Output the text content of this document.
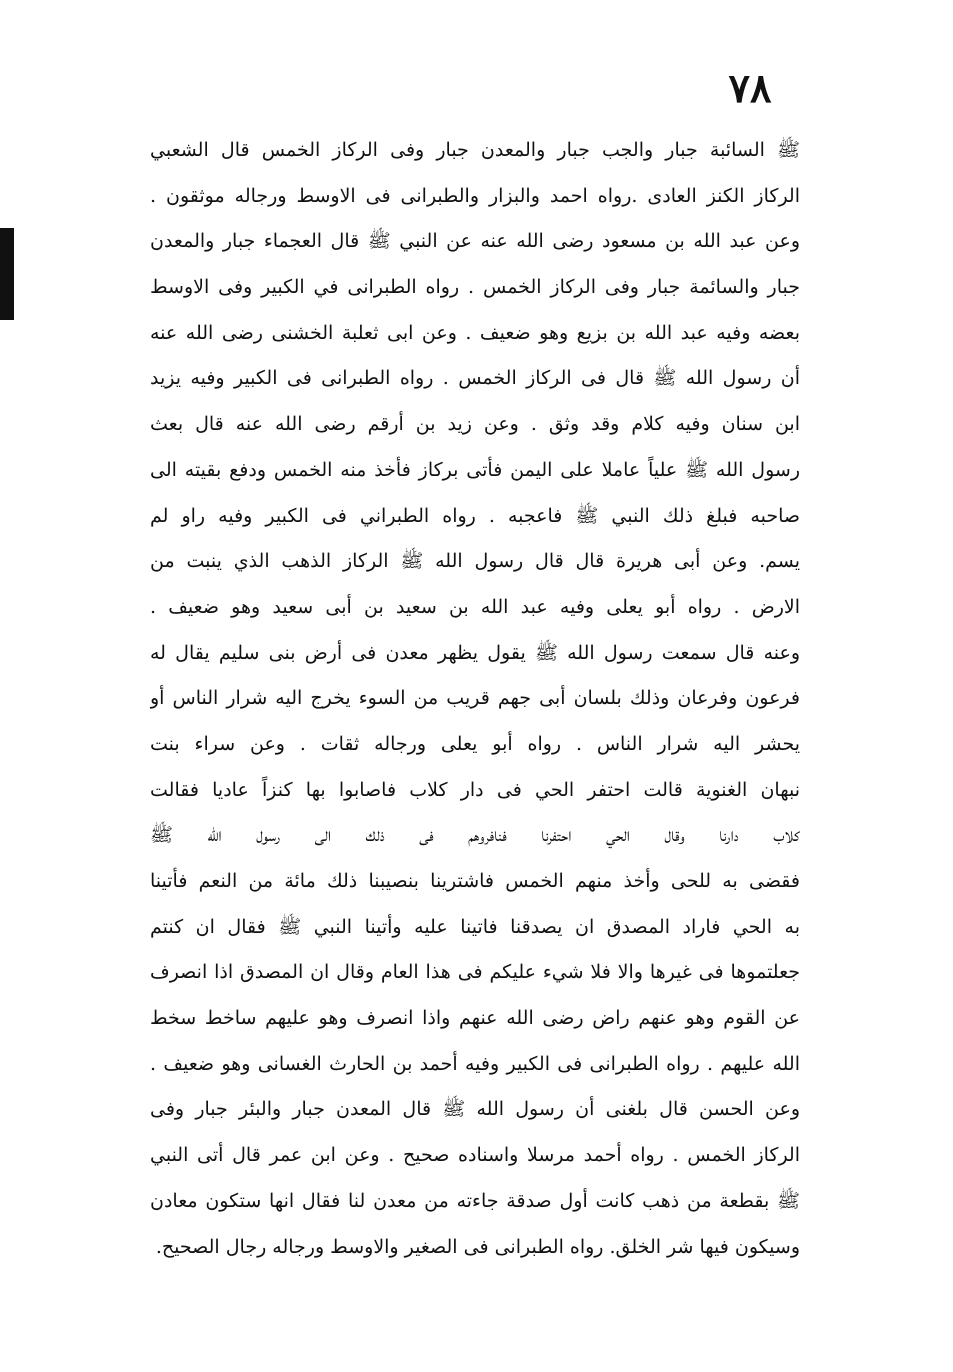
٧٨
ﷺ السائبة جبار والجب جبار والمعدن جبار وفى الركاز الخمس قال الشعبي
الركاز الكنز العادى .رواه احمد والبزار والطبرانى فى الاوسط ورجاله موثقون .
وعن عبد الله بن مسعود رضى الله عنه عن النبي ﷺ قال العجماء جبار والمعدن
جبار والسائمة جبار وفى الركاز الخمس . رواه الطبرانى في الكبير وفى الاوسط
بعضه وفيه عبد الله بن بزيع وهو ضعيف . وعن ابى ثعلبة الخشنى رضى الله عنه
أن رسول الله ﷺ قال فى الركاز الخمس . رواه الطبرانى فى الكبير وفيه يزيد
ابن سنان وفيه كلام وقد وثق . وعن زيد بن أرقم رضى الله عنه قال بعث
رسول الله ﷺ علياً عاملا على اليمن فأتى بركاز فأخذ منه الخمس ودفع بقيته الى
صاحبه فبلغ ذلك النبي ﷺ فاعجبه . رواه الطبراني فى الكبير وفيه راو لم
يسم. وعن أبى هريرة قال قال رسول الله ﷺ الركاز الذهب الذي ينبت من
الارض . رواه أبو يعلى وفيه عبد الله بن سعيد بن أبى سعيد وهو ضعيف .
وعنه قال سمعت رسول الله ﷺ يقول يظهر معدن فى أرض بنى سليم يقال له
فرعون وفرعان وذلك بلسان أبى جهم قريب من السوء يخرج اليه شرار الناس أو
يحشر اليه شرار الناس . رواه أبو يعلى ورجاله ثقات . وعن سراء بنت
نبهان الغنوية قالت احتفر الحي فى دار كلاب فاصابوا بها كنزاً عاديا فقالت
كلاب دارنا وقال الحي احتفرنا فنافروهم فى ذلك الى رسول الله ﷺ
فقضى به للحى وأخذ منهم الخمس فاشترينا بنصيبنا ذلك مائة من النعم فأتينا
به الحي فاراد المصدق ان يصدقنا فاتينا عليه وأتينا النبي ﷺ فقال ان كنتم
جعلتموها فى غيرها والا فلا شيء عليكم فى هذا العام وقال ان المصدق اذا انصرف
عن القوم وهو عنهم راض رضى الله عنهم واذا انصرف وهو عليهم ساخط سخط
الله عليهم . رواه الطبرانى فى الكبير وفيه أحمد بن الحارث الغسانى وهو ضعيف .
وعن الحسن قال بلغنى أن رسول الله ﷺ قال المعدن جبار والبئر جبار وفى
الركاز الخمس . رواه أحمد مرسلا واسناده صحيح . وعن ابن عمر قال أتى النبي
ﷺ بقطعة من ذهب كانت أول صدقة جاءته من معدن لنا فقال انها ستكون معادن
وسيكون فيها شر الخلق. رواه الطبرانى فى الصغير والاوسط ورجاله رجال الصحيح.
